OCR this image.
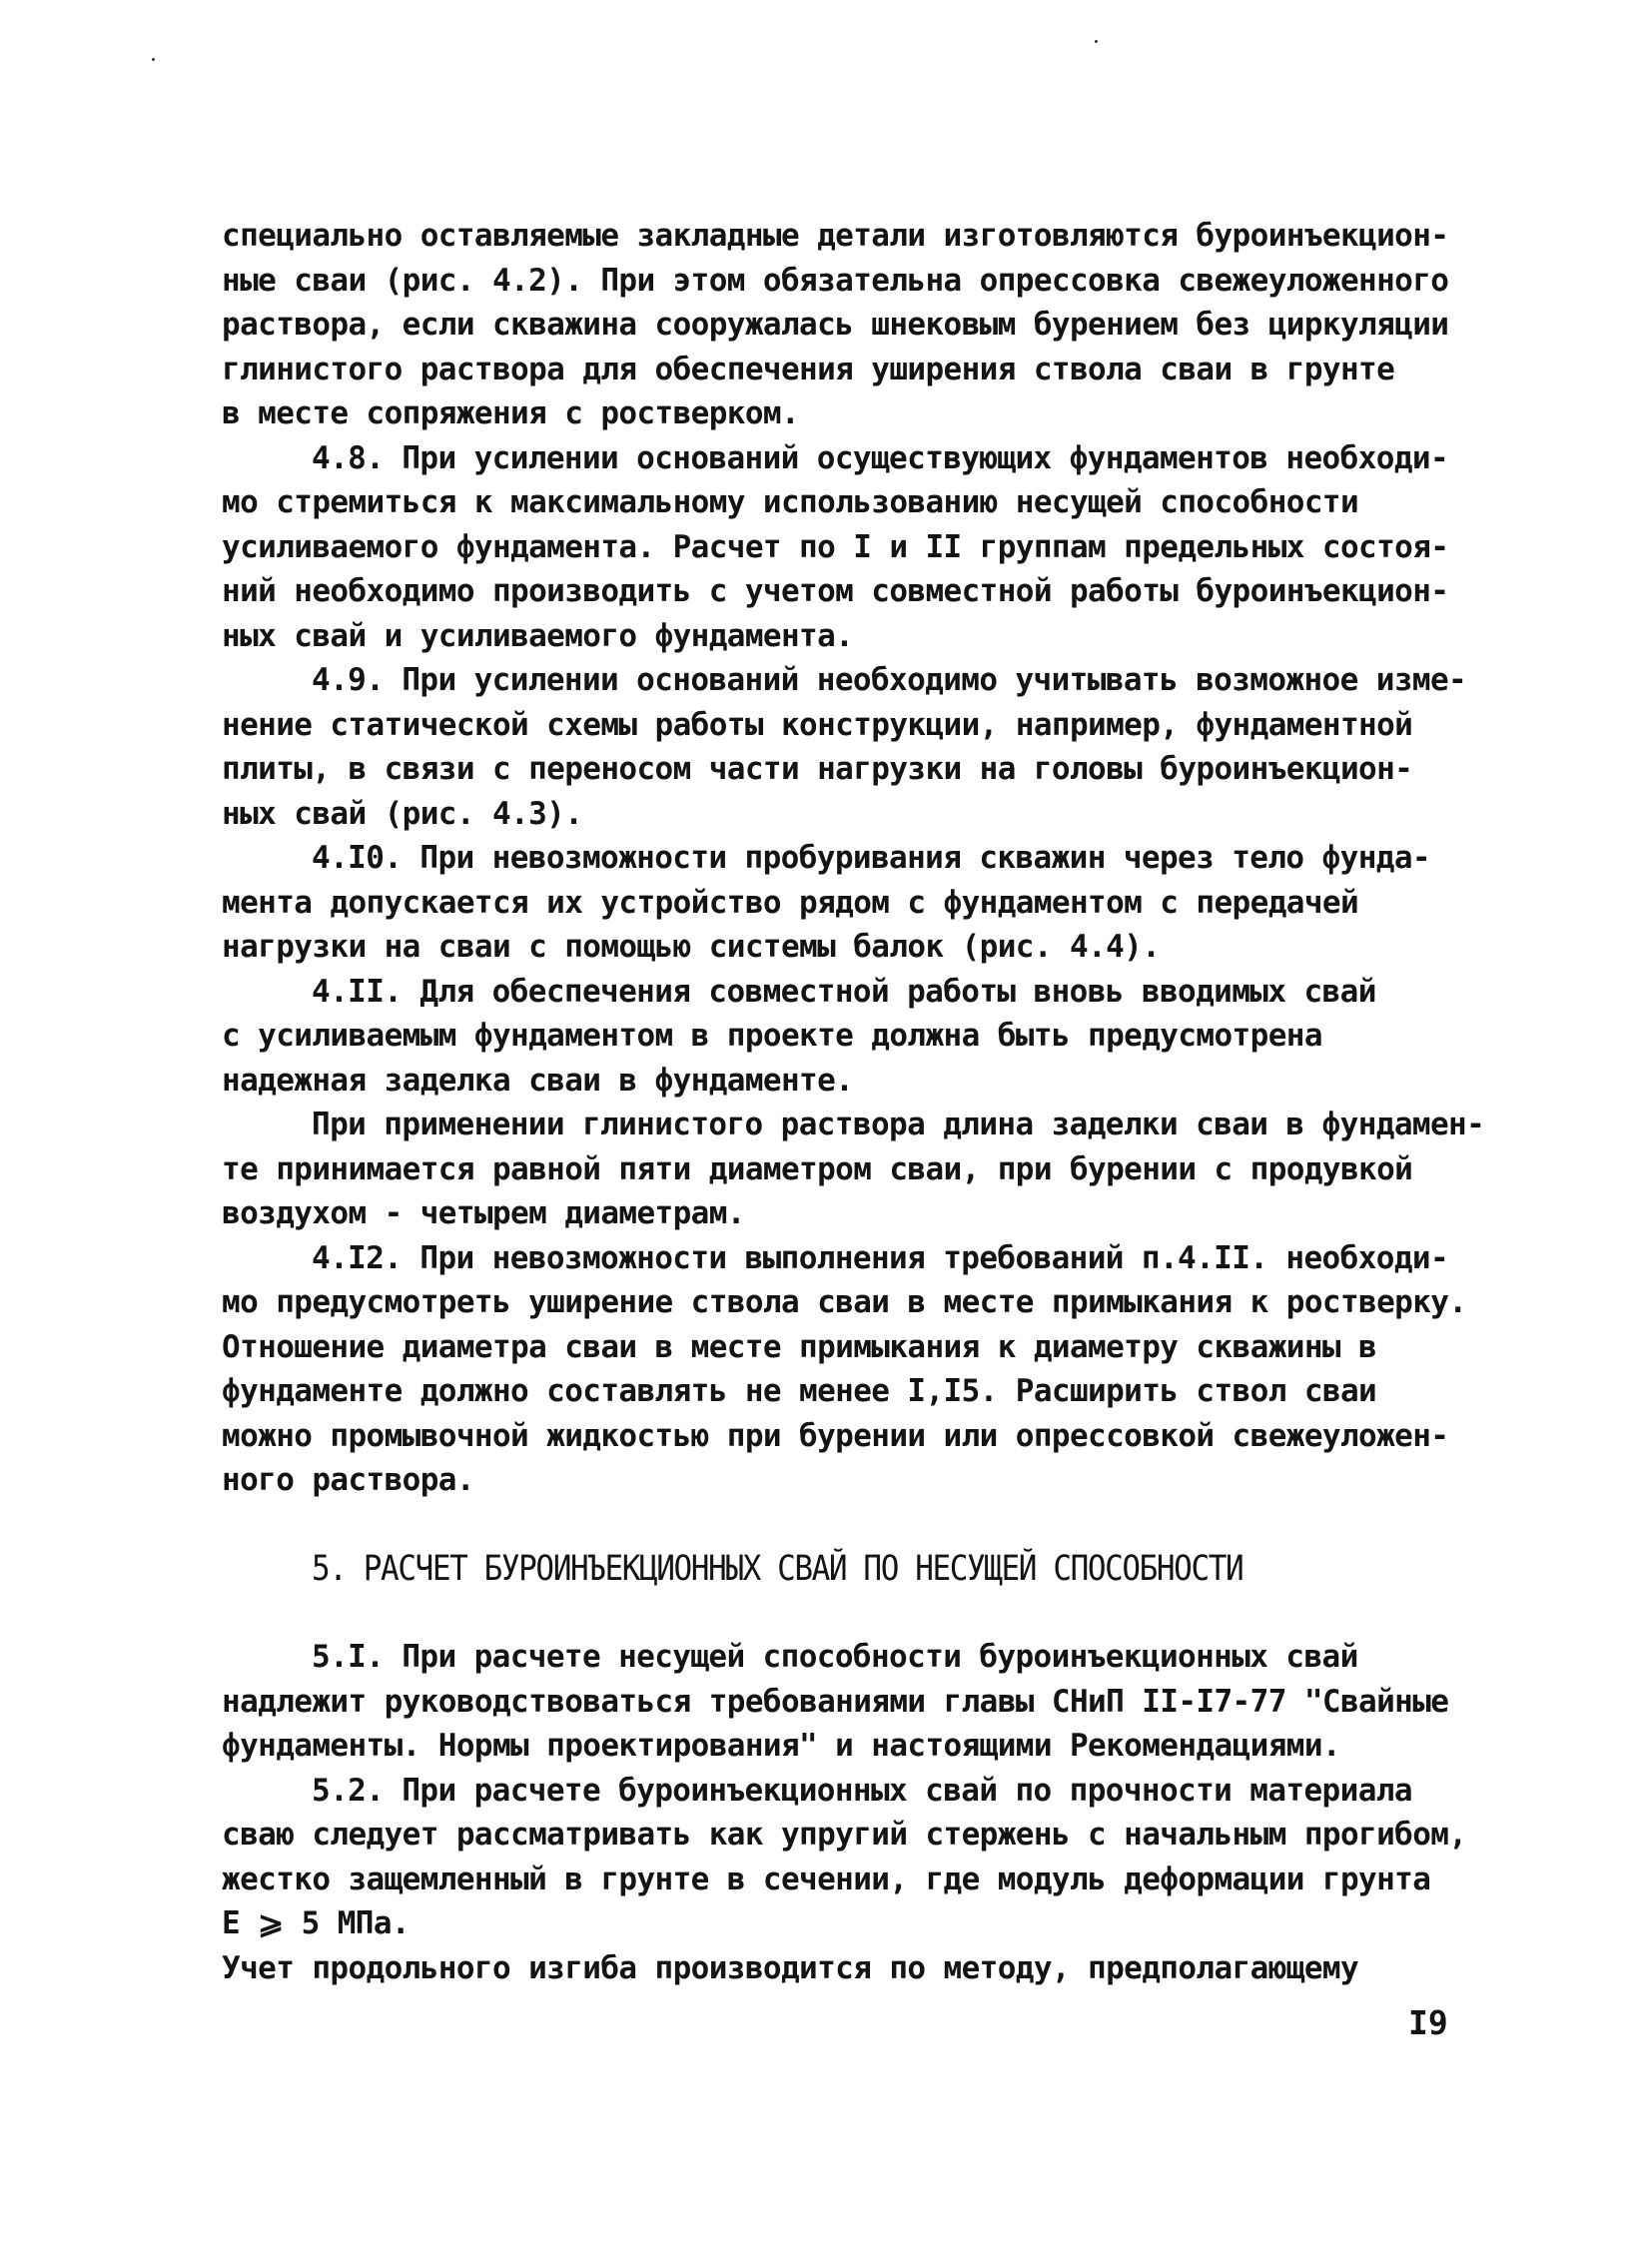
специально оставляемые закладные детали изготовляются буроинъекцион-
ные сваи (рис. 4.2). При этом обязательна опрессовка свежеуложенного
раствора, если скважина сооружалась шнековым бурением без циркуляции
глинистого раствора для обеспечения уширения ствола сваи в грунте
в месте сопряжения с ростверком.
4.8. При усилении оснований осуществующих фундаментов необходи-
мо стремиться к максимальному использованию несущей способности
усиливаемого фундамента. Расчет по I и II группам предельных состоя-
ний необходимо производить с учетом совместной работы буроинъекцион-
ных свай и усиливаемого фундамента.
4.9. При усилении оснований необходимо учитывать возможное изме-
нение статической схемы работы конструкции, например, фундаментной
плиты, в связи с переносом части нагрузки на головы буроинъекцион-
ных свай (рис. 4.3).
4.I0. При невозможности пробуривания скважин через тело фунда-
мента допускается их устройство рядом с фундаментом с передачей
нагрузки на сваи с помощью системы балок (рис. 4.4).
4.II. Для обеспечения совместной работы вновь вводимых свай
с усиливаемым фундаментом в проекте должна быть предусмотрена
надежная заделка сваи в фундаменте.
При применении глинистого раствора длина заделки сваи в фундамен-
те принимается равной пяти диаметром сваи, при бурении с продувкой
воздухом - четырем диаметрам.
4.I2. При невозможности выполнения требований п.4.II. необходи-
мо предусмотреть уширение ствола сваи в месте примыкания к ростверку.
Отношение диаметра сваи в месте примыкания к диаметру скважины в
фундаменте должно составлять не менее I,I5. Расширить ствол сваи
можно промывочной жидкостью при бурении или опрессовкой свежеуложен-
ного раствора.
5. РАСЧЕТ БУРОИНЪЕКЦИОННЫХ СВАЙ ПО НЕСУЩЕЙ СПОСОБНОСТИ
5.I. При расчете несущей способности буроинъекционных свай
надлежит руководствоваться требованиями главы СНиП II-I7-77 "Свайные
фундаменты. Нормы проектирования" и настоящими Рекомендациями.
5.2. При расчете буроинъекционных свай по прочности материала
сваю следует рассматривать как упругий стержень с начальным прогибом,
жестко защемленный в грунте в сечении, где модуль деформации грунта
E ⩾ 5 МПа.
Учет продольного изгиба производится по методу, предполагающему
I9
